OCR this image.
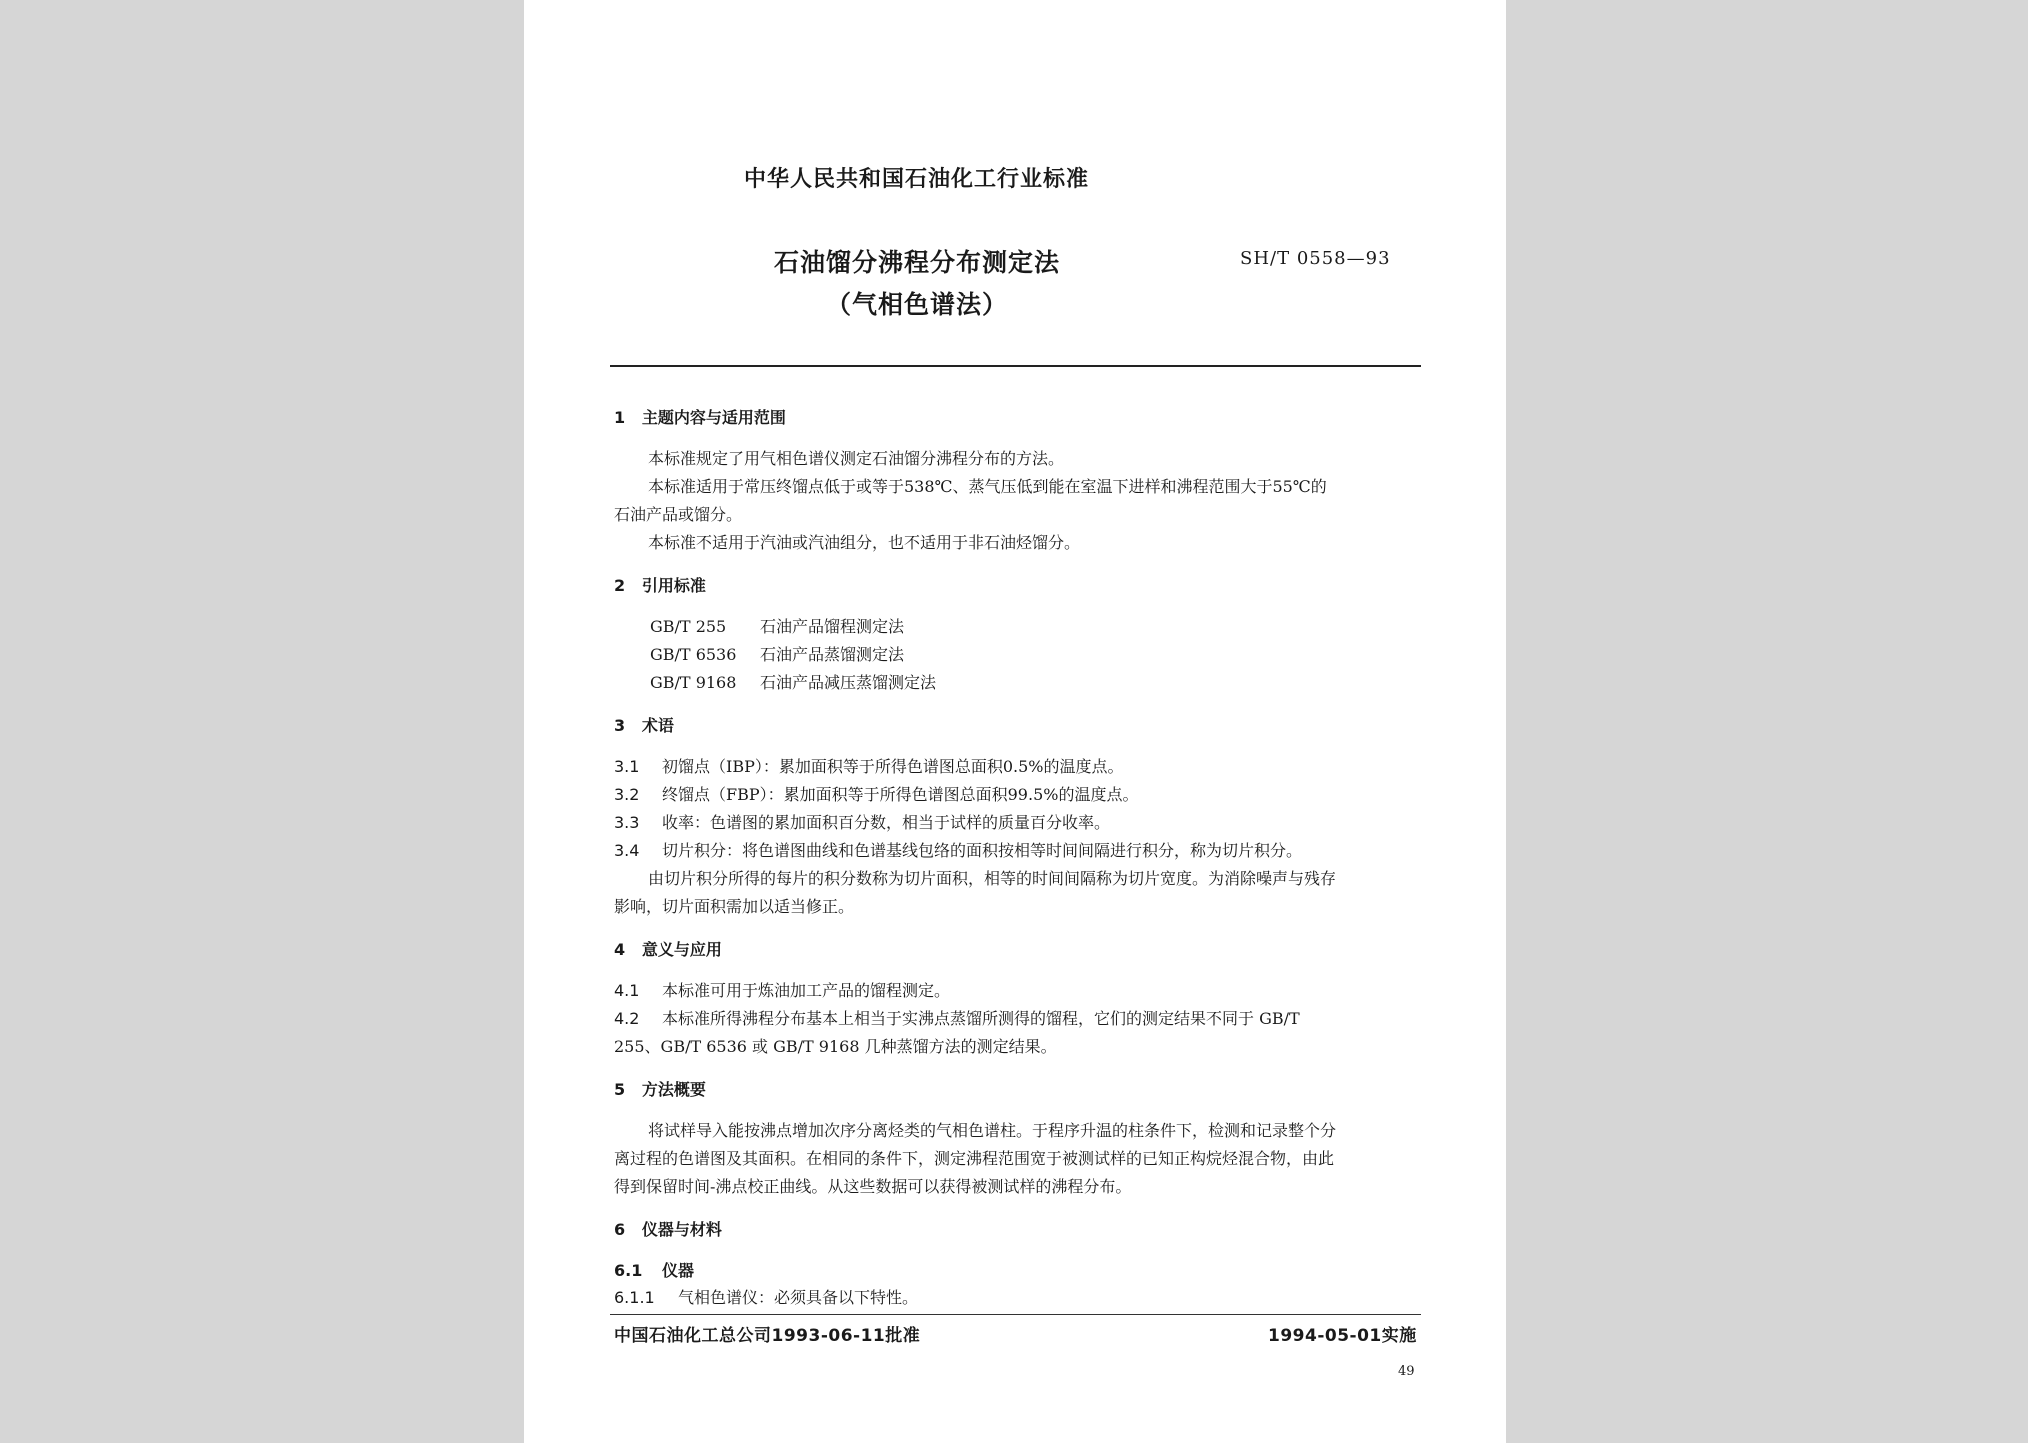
中华人民共和国石油化工行业标准
石油馏分沸程分布测定法
（气相色谱法）
SH/T 0558—93
1 主题内容与适用范围
本标准规定了用气相色谱仪测定石油馏分沸程分布的方法。
本标准适用于常压终馏点低于或等于538℃、蒸气压低到能在室温下进样和沸程范围大于55℃的
石油产品或馏分。
本标准不适用于汽油或汽油组分，也不适用于非石油烃馏分。
2 引用标准
GB/T 255 石油产品馏程测定法
GB/T 6536 石油产品蒸馏测定法
GB/T 9168 石油产品减压蒸馏测定法
3 术语
3.1 初馏点（IBP）：累加面积等于所得色谱图总面积0.5%的温度点。
3.2 终馏点（FBP）：累加面积等于所得色谱图总面积99.5%的温度点。
3.3 收率：色谱图的累加面积百分数，相当于试样的质量百分收率。
3.4 切片积分：将色谱图曲线和色谱基线包络的面积按相等时间间隔进行积分，称为切片积分。
由切片积分所得的每片的积分数称为切片面积，相等的时间间隔称为切片宽度。为消除噪声与残存
影响，切片面积需加以适当修正。
4 意义与应用
4.1 本标准可用于炼油加工产品的馏程测定。
4.2 本标准所得沸程分布基本上相当于实沸点蒸馏所测得的馏程，它们的测定结果不同于 GB/T
255、GB/T 6536 或 GB/T 9168 几种蒸馏方法的测定结果。
5 方法概要
将试样导入能按沸点增加次序分离烃类的气相色谱柱。于程序升温的柱条件下，检测和记录整个分
离过程的色谱图及其面积。在相同的条件下，测定沸程范围宽于被测试样的已知正构烷烃混合物，由此
得到保留时间-沸点校正曲线。从这些数据可以获得被测试样的沸程分布。
6 仪器与材料
6.1 仪器
6.1.1 气相色谱仪：必须具备以下特性。
中国石油化工总公司1993-06-11批准	1994-05-01实施
49
